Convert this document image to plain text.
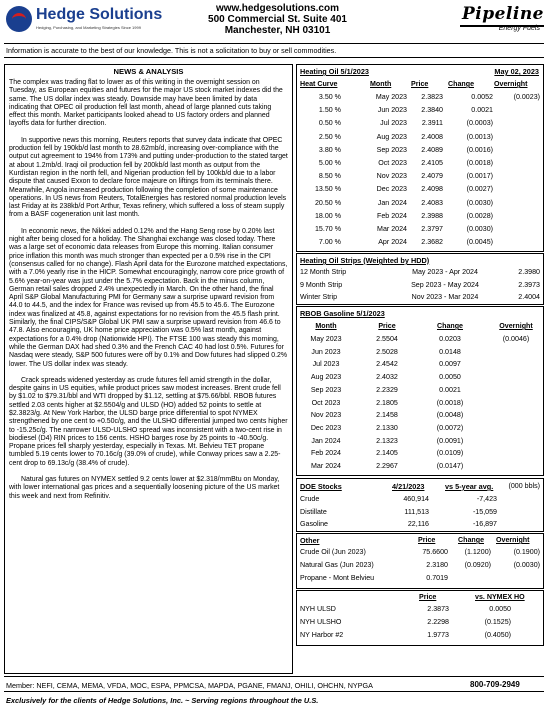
Hedge Solutions
Hedging, Purchasing, and Marketing Strategies Since 1999
www.hedgesolutions.com
500 Commercial St. Suite 401
Manchester, NH 03101
Pipeline
Energy Fuels
Information is accurate to the best of our knowledge. This is not a solicitation to buy or sell commodities.
NEWS & ANALYSIS
The complex was trading flat to lower as of this writing in the overnight session on Tuesday, as European equities and futures for the major US stock market indexes did the same. The US dollar index was steady. Downside may have been limited by data indicating that OPEC oil production fell last month, ahead of large planned cuts taking effect this month. Market participants looked ahead to US factory orders and planned layoffs data for further direction.
In supportive news this morning, Reuters reports that survey data indicate that OPEC production fell by 190kb/d last month to 28.62mb/d, increasing over-compliance with the output cut agreement to 194% from 173% and putting under-production to the stated target at about 1.2mb/d. Iraqi oil production fell by 200kb/d last month as output from the Kurdistan region in the north fell, and Nigerian production fell by 100kb/d due to a labor dispute that caused Exxon to declare force majeure on liftings from its terminals there. Meanwhile, Angola increased production following the completion of some maintenance operations. In US news from Reuters, TotalEnergies has restored normal production levels last Friday at its 238kb/d Port Arthur, Texas refinery, which suffered a loss of steam supply from a BASF cogeneration unit last month.
In economic news, the Nikkei added 0.12% and the Hang Seng rose by 0.20% last night after being closed for a holiday. The Shanghai exchange was closed today. There was a large set of economic data releases from Europe this morning. Italian consumer price inflation this month was much stronger than expected per a 0.5% rise in the CPI (consensus called for no change). Flash April data for the Eurozone matched expectations, with a 7.0% yearly rise in the HICP. Somewhat encouragingly, narrow core price growth of 5.6% year-on-year was just under the 5.7% expectation. Back in the minus column, German retail sales dropped 2.4% unexpectedly in March. On the other hand, the final April S&P Global Manufacturing PMI for Germany saw a surprise upward revision from 44.0 to 44.5, and the index for France was revised up from 45.5 to 45.6. The Eurozone index was finalized at 45.8, against expectations for no revision from the 45.5 flash print. Similarly, the final CIPS/S&P Global UK PMI saw a surprise upward revision from 46.6 to 47.8. Also encouraging, UK home price appreciation was 0.5% last month, against expectations for a 0.4% drop (Nationwide HPI). The FTSE 100 was steady this morning, while the German DAX had shed 0.3% and the French CAC 40 had lost 0.5%. Futures for Nasdaq were steady, S&P 500 futures were off by 0.1% and Dow futures had slipped 0.2% lower. The US dollar index was steady.
Crack spreads widened yesterday as crude futures fell amid strength in the dollar, despite gains in US equities, while product prices saw modest increases. Brent crude fell by $1.02 to $79.31/bbl and WTI dropped by $1.12, settling at $75.66/bbl. RBOB futures settled 2.03 cents higher at $2.5504/g and ULSD (HO) added 52 points to settle at $2.3823/g. At New York Harbor, the ULSD barge price differential to spot NYMEX strengthened by one cent to +0.50c/g, and the ULSHO differential jumped two cents higher to -15.25c/g. The narrower ULSD-ULSHO spread was inconsistent with a two-cent rise in biodiesel (D4) RIN prices to 156 cents. HSHO barges rose by 25 points to -40.50c/g. Propane prices fell sharply yesterday, especially in Texas. Mt. Belvieu TET propane tumbled 5.19 cents lower to 70.16c/g (39.0% of crude), while Conway prices saw a 2.25-cent drop to 69.13c/g (38.4% of crude).
Natural gas futures on NYMEX settled 9.2 cents lower at $2.318/mmBtu on Monday, with lower international gas prices and a sequentially loosening picture of the US market this week and next from Refinitiv.
Heating Oil 5/1/2023	May 02, 2023
Heat Curve	Month	Price	Change	Overnight
3.50 %	May 2023	2.3823	0.0052	(0.0023)
1.50 %	Jun 2023	2.3840	0.0021
0.50 %	Jul 2023	2.3911	(0.0003)
2.50 %	Aug 2023	2.4008	(0.0013)
3.80 %	Sep 2023	2.4089	(0.0016)
5.00 %	Oct 2023	2.4105	(0.0018)
8.50 %	Nov 2023	2.4079	(0.0017)
13.50 %	Dec 2023	2.4098	(0.0027)
20.50 %	Jan 2024	2.4083	(0.0030)
18.00 %	Feb 2024	2.3988	(0.0028)
15.70 %	Mar 2024	2.3797	(0.0030)
7.00 %	Apr 2024	2.3682	(0.0045)
Heating Oil Strips (Weighted by HDD)
12 Month Strip	May 2023 - Apr 2024	2.3980
9 Month Strip	Sep 2023 - May 2024	2.3973
Winter Strip	Nov 2023 - Mar 2024	2.4004
RBOB Gasoline 5/1/2023
Month	Price	Change	Overnight
May 2023	2.5504	0.0203	(0.0046)
Jun 2023	2.5028	0.0148
Jul 2023	2.4542	0.0097
Aug 2023	2.4032	0.0050
Sep 2023	2.2329	0.0021
Oct 2023	2.1805	(0.0018)
Nov 2023	2.1458	(0.0048)
Dec 2023	2.1330	(0.0072)
Jan 2024	2.1323	(0.0091)
Feb 2024	2.1405	(0.0109)
Mar 2024	2.2967	(0.0147)
DOE Stocks	4/21/2023	vs 5-year avg. (000 bbls)
Crude	460,914	-7,423
Distillate	111,513	-15,059
Gasoline	22,116	-16,897
Other	Price	Change Overnight
Crude Oil (Jun 2023)	75.6600	(1.1200)	(0.1900)
Natural Gas (Jun 2023)	2.3180	(0.0920)	(0.0030)
Propane - Mont Belvieu	0.7019
Price	vs. NYMEX HO
NYH ULSD	2.3873	0.0050
NYH ULSHO	2.2298	(0.1525)
NY Harbor #2	1.9773	(0.4050)
Member: NEFI, CEMA, MEMA, VFDA, MOC, ESPA, PPMCSA, MAPDA, PGANE, FMANJ, OHILI, OHCHN, NYPGA	800-709-2949
Exclusively for the clients of Hedge Solutions, Inc. ~ Serving regions throughout the U.S.
